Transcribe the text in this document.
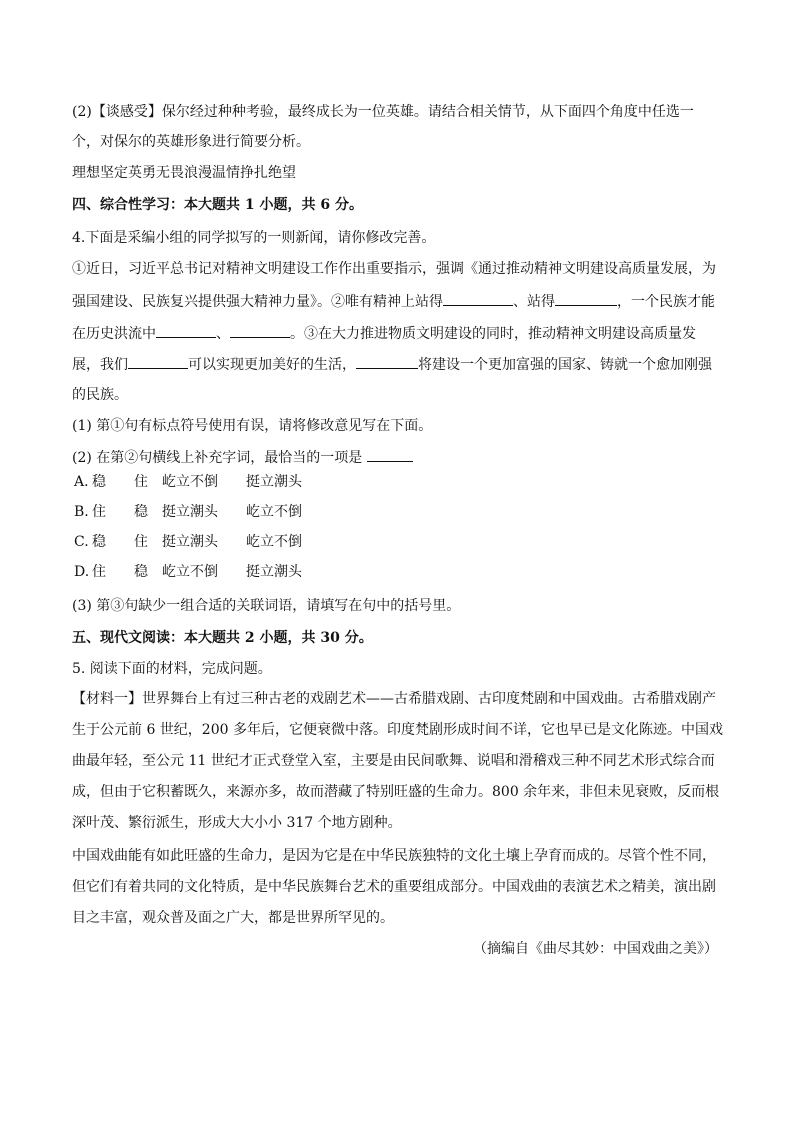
(2)【谈感受】保尔经过种种考验，最终成长为一位英雄。请结合相关情节，从下面四个角度中任选一
个，对保尔的英雄形象进行简要分析。
理想坚定英勇无畏浪漫温情挣扎绝望
四、综合性学习：本大题共 1 小题，共 6 分。
4.下面是采编小组的同学拟写的一则新闻，请你修改完善。
①近日，习近平总书记对精神文明建设工作作出重要指示，强调《通过推动精神文明建设高质量发展，为
强国建设、民族复兴提供强大精神力量》。②唯有精神上站得	、站得	，一个民族才能
在历史洪流中	、	。③在大力推进物质文明建设的同时，推动精神文明建设高质量发
展，我们	可以实现更加美好的生活，	将建设一个更加富强的国家、铸就一个愈加刚强
的民族。
(1) 第①句有标点符号使用有误，请将修改意见写在下面。
(2) 在第②句横线上补充字词，最恰当的一项是
A. 稳 住 屹立不倒 挺立潮头
B. 住 稳 挺立潮头 屹立不倒
C. 稳 住 挺立潮头 屹立不倒
D. 住 稳 屹立不倒 挺立潮头
(3) 第③句缺少一组合适的关联词语，请填写在句中的括号里。
五、现代文阅读：本大题共 2 小题，共 30 分。
5. 阅读下面的材料，完成问题。
【材料一】世界舞台上有过三种古老的戏剧艺术——古希腊戏剧、古印度梵剧和中国戏曲。古希腊戏剧产
生于公元前 6 世纪，200 多年后，它便衰微中落。印度梵剧形成时间不详，它也早已是文化陈迹。中国戏
曲最年轻，至公元 11 世纪才正式登堂入室，主要是由民间歌舞、说唱和滑稽戏三种不同艺术形式综合而
成，但由于它积蓄既久，来源亦多，故而潜藏了特别旺盛的生命力。800 余年来，非但未见衰败，反而根
深叶茂、繁衍派生，形成大大小小 317 个地方剧种。
中国戏曲能有如此旺盛的生命力，是因为它是在中华民族独特的文化土壤上孕育而成的。尽管个性不同，
但它们有着共同的文化特质，是中华民族舞台艺术的重要组成部分。中国戏曲的表演艺术之精美，演出剧
目之丰富，观众普及面之广大，都是世界所罕见的。
（摘编自《曲尽其妙：中国戏曲之美》）
